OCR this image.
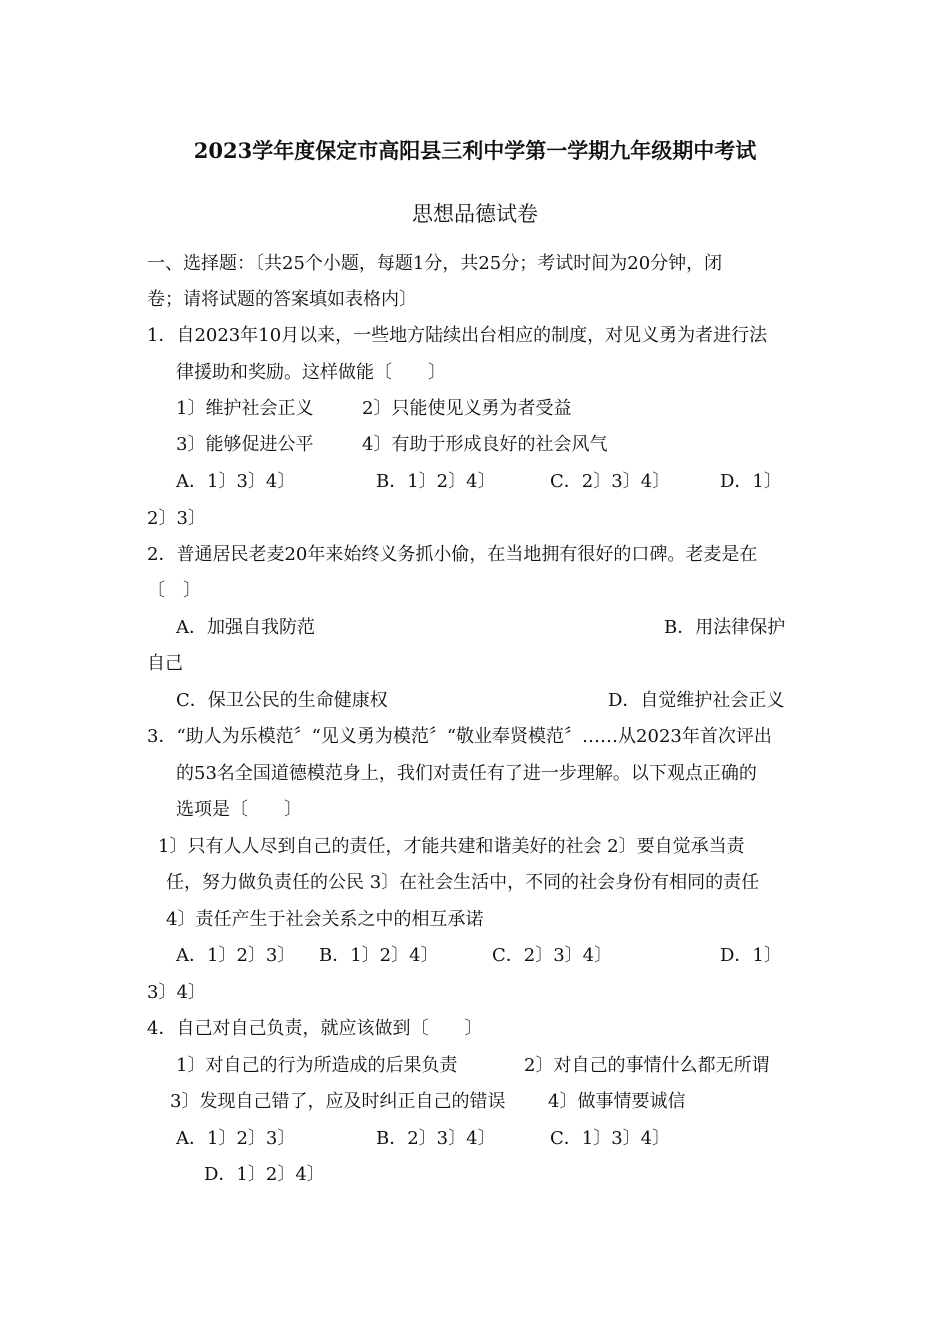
2023学年度保定市高阳县三利中学第一学期九年级期中考试
思想品德试卷
一、选择题：〔共25个小题，每题1分，共25分；考试时间为20分钟，闭
卷；请将试题的答案填如表格内〕
1．自2023年10月以来，一些地方陆续出台相应的制度，对见义勇为者进行法
律援助和奖励。这样做能〔　　〕
1〕维护社会正义	2〕只能使见义勇为者受益
3〕能够促进公平	4〕有助于形成良好的社会风气
A．1〕3〕4〕	B．1〕2〕4〕	C．2〕3〕4〕	D．1〕
2〕3〕
2．普通居民老麦20年来始终义务抓小偷，在当地拥有很好的口碑。老麦是在
〔　〕
A．加强自我防范	B．用法律保护
自己
C．保卫公民的生命健康权	D．自觉维护社会正义
3．“助人为乐模范〞“见义勇为模范〞“敬业奉贤模范〞……从2023年首次评出
的53名全国道德模范身上，我们对责任有了进一步理解。以下观点正确的
选项是〔　　〕
1〕只有人人尽到自己的责任，才能共建和谐美好的社会 2〕要自觉承当责
任，努力做负责任的公民 3〕在社会生活中，不同的社会身份有相同的责任
4〕责任产生于社会关系之中的相互承诺
A．1〕2〕3〕 B．1〕2〕4〕	C．2〕3〕4〕	D．1〕
3〕4〕
4．自己对自己负责，就应该做到〔　　〕
1〕对自己的行为所造成的后果负责	2〕对自己的事情什么都无所谓
3〕发现自己错了，应及时纠正自己的错误 4〕做事情要诚信
A．1〕2〕3〕	B．2〕3〕4〕	C．1〕3〕4〕
D．1〕2〕4〕
